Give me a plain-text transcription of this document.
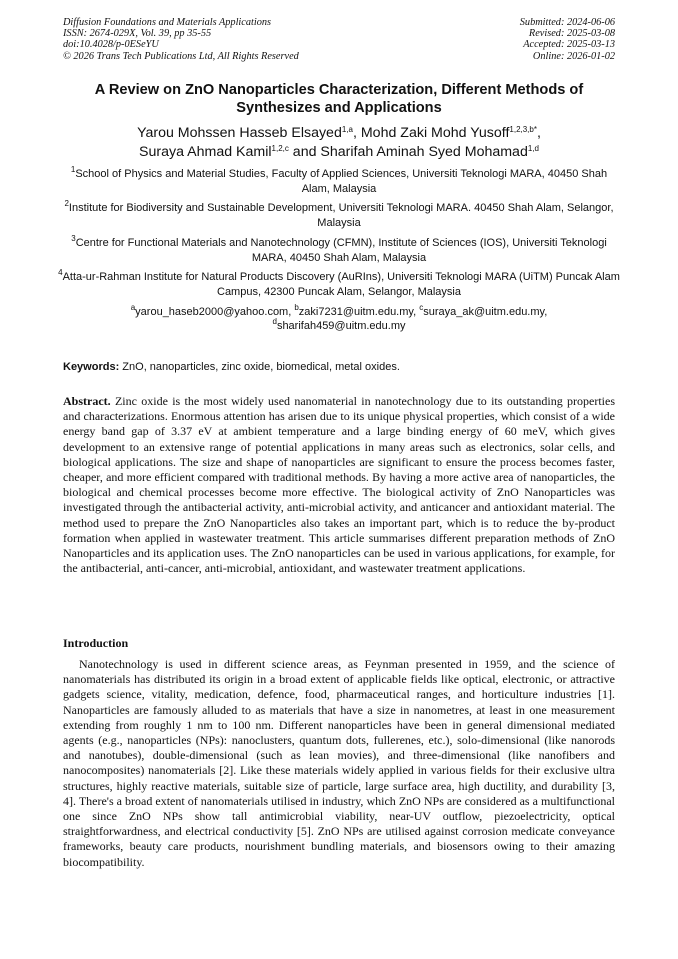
Diffusion Foundations and Materials Applications
ISSN: 2674-029X, Vol. 39, pp 35-55
doi:10.4028/p-0ESeYU
© 2026 Trans Tech Publications Ltd, All Rights Reserved
Submitted: 2024-06-06
Revised: 2025-03-08
Accepted: 2025-03-13
Online: 2026-01-02
A Review on ZnO Nanoparticles Characterization, Different Methods of
Synthesizes and Applications
Yarou Mohssen Hasseb Elsayed$^{1,a}$, Mohd Zaki Mohd Yusoff$^{1,2,3,b*}$,
Suraya Ahmad Kamil$^{1,2,c}$ and Sharifah Aminah Syed Mohamad$^{1,d}$
$^1$School of Physics and Material Studies, Faculty of Applied Sciences, Universiti Teknologi MARA, 40450 Shah Alam, Malaysia
$^2$Institute for Biodiversity and Sustainable Development, Universiti Teknologi MARA. 40450 Shah Alam, Selangor, Malaysia
$^3$Centre for Functional Materials and Nanotechnology (CFMN), Institute of Sciences (IOS), Universiti Teknologi MARA, 40450 Shah Alam, Malaysia
$^4$Atta-ur-Rahman Institute for Natural Products Discovery (AuRIns), Universiti Teknologi MARA (UiTM) Puncak Alam Campus, 42300 Puncak Alam, Selangor, Malaysia
$^a$yarou_haseb2000@yahoo.com, $^b$zaki7231@uitm.edu.my, $^c$suraya_ak@uitm.edu.my,
$^d$sharifah459@uitm.edu.my
Keywords: ZnO, nanoparticles, zinc oxide, biomedical, metal oxides.
Abstract. Zinc oxide is the most widely used nanomaterial in nanotechnology due to its outstanding properties and characterizations. Enormous attention has arisen due to its unique physical properties, which consist of a wide energy band gap of 3.37 eV at ambient temperature and a large binding energy of 60 meV, which gives development to an extensive range of potential applications in many areas such as electronics, solar cells, and biological applications. The size and shape of nanoparticles are significant to ensure the process becomes faster, cheaper, and more efficient compared with traditional methods. By having a more active area of nanoparticles, the biological and chemical processes become more effective. The biological activity of ZnO Nanoparticles was investigated through the antibacterial activity, anti-microbial activity, and anticancer and antioxidant material. The method used to prepare the ZnO Nanoparticles also takes an important part, which is to reduce the by-product formation when applied in wastewater treatment. This article summarises different preparation methods of ZnO Nanoparticles and its application uses. The ZnO nanoparticles can be used in various applications, for example, for the antibacterial, anti-cancer, anti-microbial, antioxidant, and wastewater treatment applications.
Introduction
Nanotechnology is used in different science areas, as Feynman presented in 1959, and the science of nanomaterials has distributed its origin in a broad extent of applicable fields like optical, electronic, or attractive gadgets science, vitality, medication, defence, food, pharmaceutical ranges, and horticulture industries [1]. Nanoparticles are famously alluded to as materials that have a size in nanometres, at least in one measurement extending from roughly 1 nm to 100 nm. Different nanoparticles have been in general dimensional mediated agents (e.g., nanoparticles (NPs): nanoclusters, quantum dots, fullerenes, etc.), solo-dimensional (like nanorods and nanotubes), double-dimensional (such as lean movies), and three-dimensional (like nanofibers and nanocomposites) nanomaterials [2]. Like these materials widely applied in various fields for their exclusive ultra structures, highly reactive materials, suitable size of particle, large surface area, high ductility, and durability [3, 4]. There's a broad extent of nanomaterials utilised in industry, which ZnO NPs are considered as a multifunctional one since ZnO NPs show tall antimicrobial viability, near-UV outflow, piezoelectricity, optical straightforwardness, and electrical conductivity [5]. ZnO NPs are utilised against corrosion medicate conveyance frameworks, beauty care products, nourishment bundling materials, and biosensors owing to their amazing biocompatibility.
